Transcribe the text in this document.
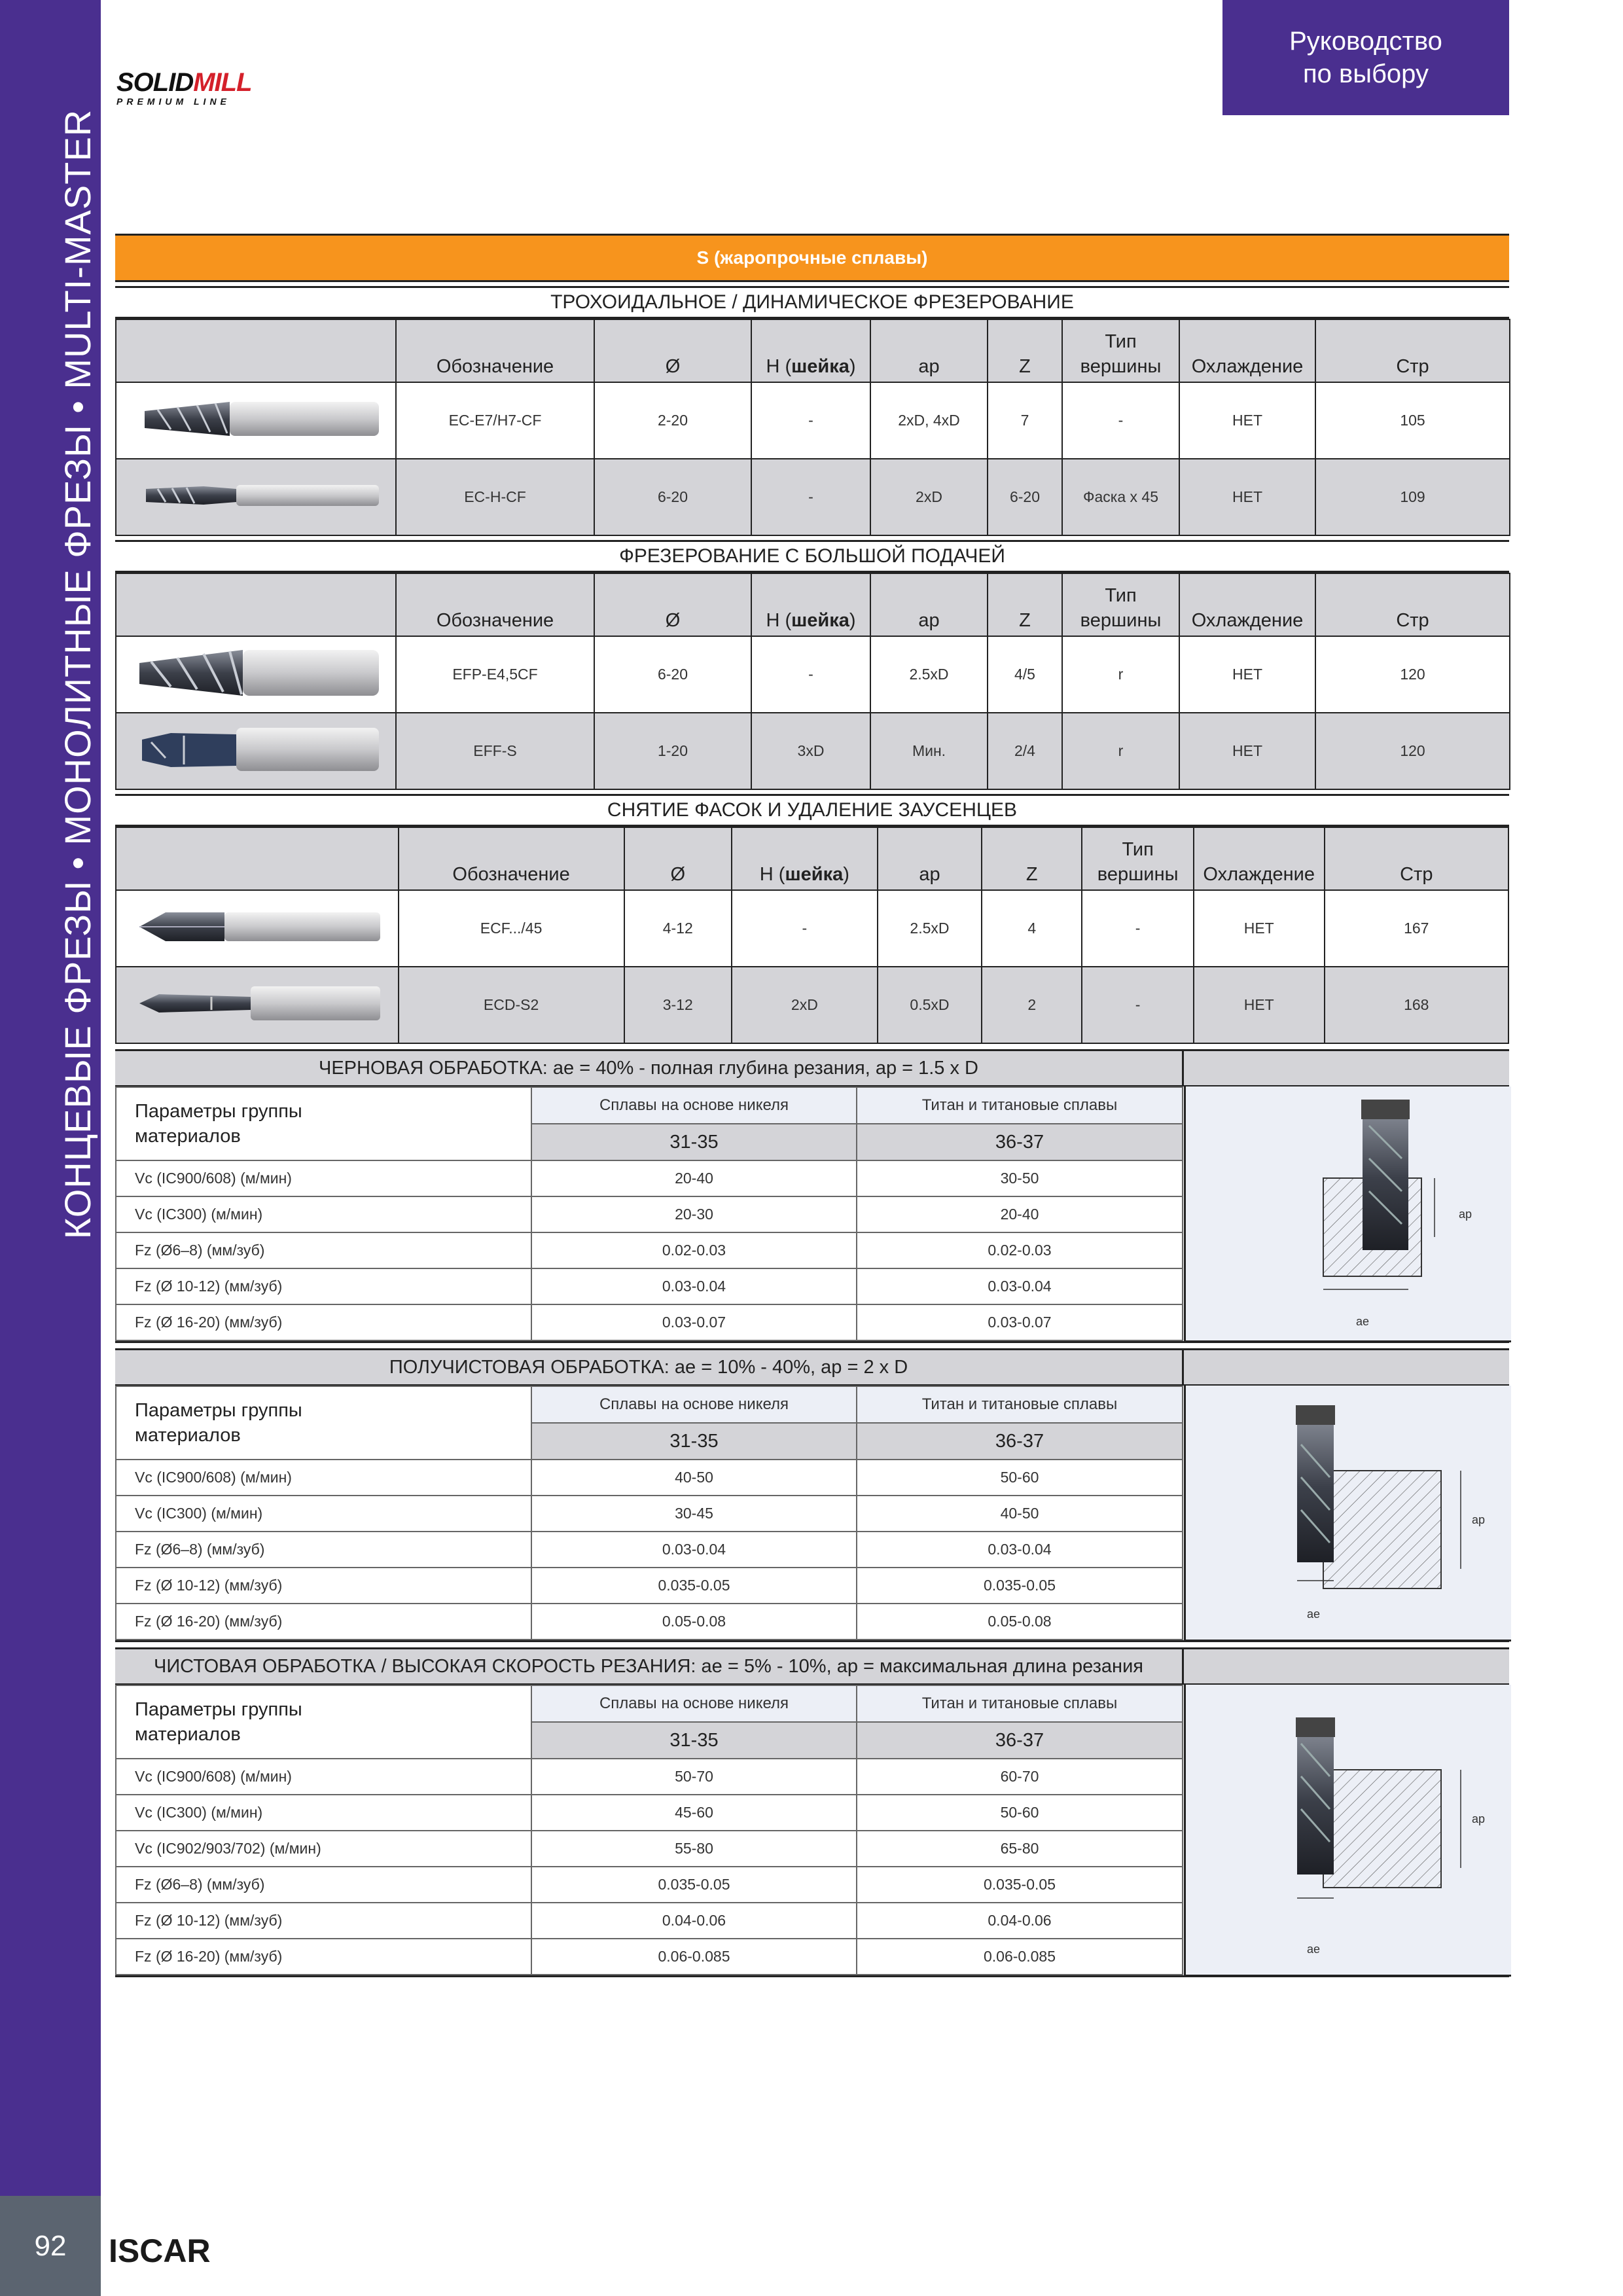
КОНЦЕВЫЕ ФРЕЗЫ • МОНОЛИТНЫЕ ФРЕЗЫ • MULTI-MASTER
92	ISCAR
Руководство
по выбору
SOLIDMILL
PREMIUM LINE
S (жаропрочные сплавы)
ТРОХОИДАЛЬНОЕ / ДИНАМИЧЕСКОЕ ФРЕЗЕРОВАНИЕ
	Обозначение	Ø	H (шейка)	ap	Z	Тип
вершины	Охлаждение	Стр
	EC-E7/H7-CF	2-20	-	2xD, 4xD	7	-	НЕТ	105
	EC-H-CF	6-20	-	2xD	6-20	Фаска x 45	НЕТ	109
ФРЕЗЕРОВАНИЕ С БОЛЬШОЙ ПОДАЧЕЙ
	Обозначение	Ø	H (шейка)	ap	Z	Тип
вершины	Охлаждение	Стр
	EFP-E4,5CF	6-20	-	2.5xD	4/5	r	НЕТ	120
	EFF-S	1-20	3xD	Мин.	2/4	r	НЕТ	120
СНЯТИЕ ФАСОК И УДАЛЕНИЕ ЗАУСЕНЦЕВ
	Обозначение	Ø	H (шейка)	ap	Z	Тип
вершины	Охлаждение	Стр
	ECF.../45	4-12	-	2.5xD	4	-	НЕТ	167
	ECD-S2	3-12	2xD	0.5xD	2	-	НЕТ	168
ЧЕРНОВАЯ ОБРАБОТКА: ae = 40% - полная глубина резания, ap = 1.5 x D
Параметры группы
материалов	Сплавы на основе никеля	Титан и титановые сплавы
	31-35	36-37
Vc (IC900/608) (м/мин)	20-40	30-50
Vc (IC300) (м/мин)	20-30	20-40
Fz (Ø6–8) (мм/зуб)	0.02-0.03	0.02-0.03
Fz (Ø 10-12) (мм/зуб)	0.03-0.04	0.03-0.04
Fz (Ø 16-20) (мм/зуб)	0.03-0.07	0.03-0.07
ap
ae
ПОЛУЧИСТОВАЯ ОБРАБОТКА: ae = 10% - 40%, ap = 2 x D
Параметры группы
материалов	Сплавы на основе никеля	Титан и титановые сплавы
	31-35	36-37
Vc (IC900/608) (м/мин)	40-50	50-60
Vc (IC300) (м/мин)	30-45	40-50
Fz (Ø6–8) (мм/зуб)	0.03-0.04	0.03-0.04
Fz (Ø 10-12) (мм/зуб)	0.035-0.05	0.035-0.05
Fz (Ø 16-20) (мм/зуб)	0.05-0.08	0.05-0.08
ap
ae
ЧИСТОВАЯ ОБРАБОТКА / ВЫСОКАЯ СКОРОСТЬ РЕЗАНИЯ: ae = 5% - 10%, ap = максимальная длина резания
Параметры группы
материалов	Сплавы на основе никеля	Титан и титановые сплавы
	31-35	36-37
Vc (IC900/608) (м/мин)	50-70	60-70
Vc (IC300) (м/мин)	45-60	50-60
Vc (IC902/903/702) (м/мин)	55-80	65-80
Fz (Ø6–8) (мм/зуб)	0.035-0.05	0.035-0.05
Fz (Ø 10-12) (мм/зуб)	0.04-0.06	0.04-0.06
Fz (Ø 16-20) (мм/зуб)	0.06-0.085	0.06-0.085
ap
ae
